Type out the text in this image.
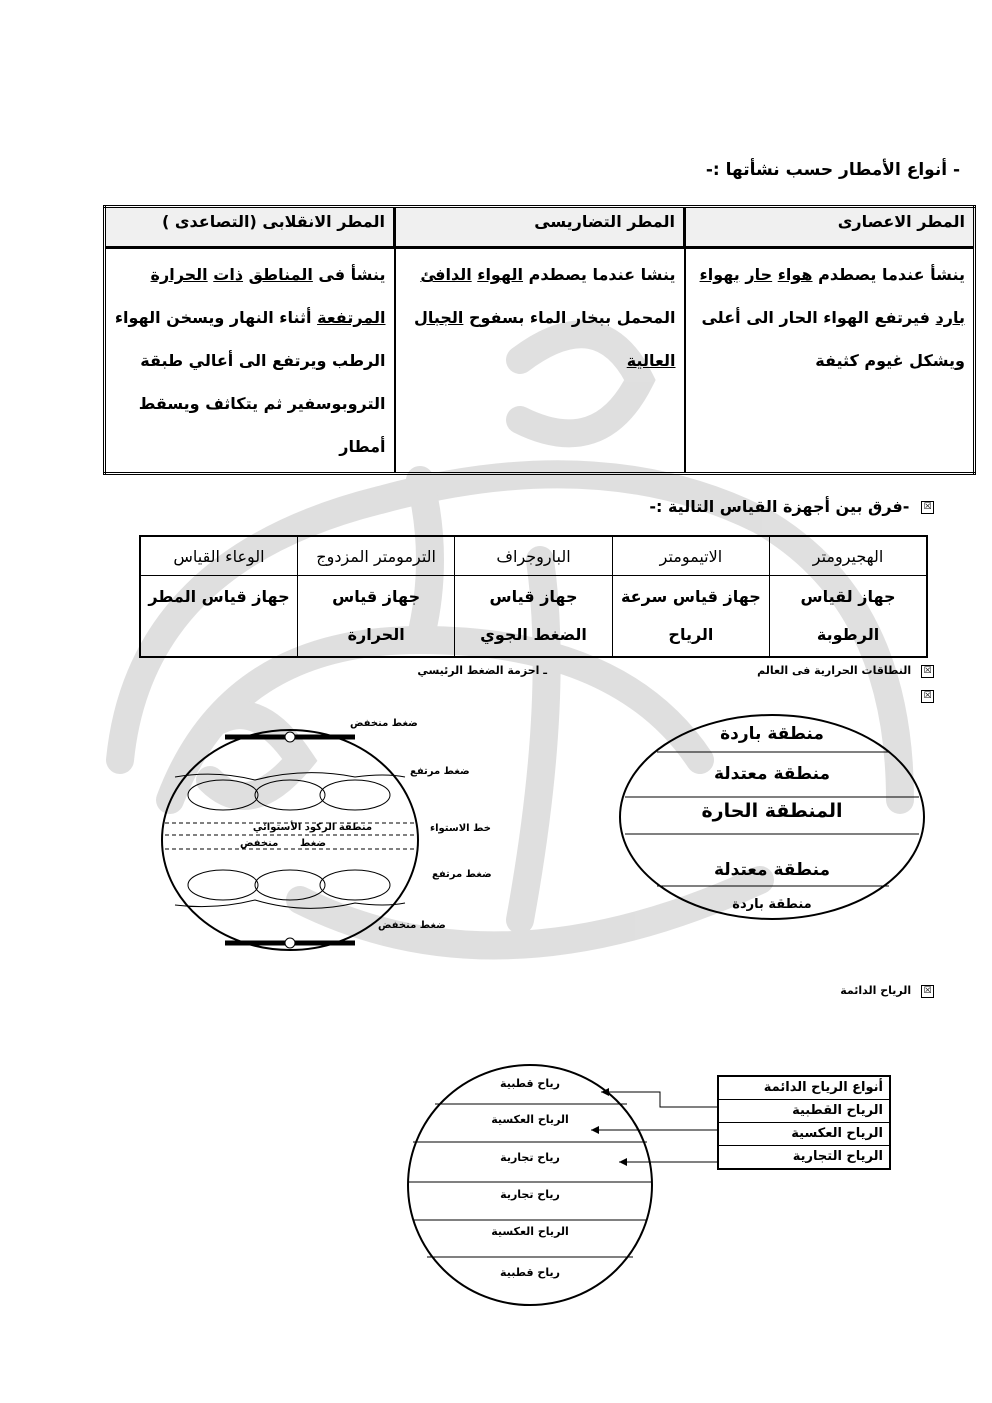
- أنواع الأمطار حسب نشأتها :-
المطر الاعصارى	المطر التضاريسى	المطر الانقلابى (التصاعدى )
ينشأ عندما يصطدم هواء حار بهواء بارد فيرتفع الهواء الحار الى أعلى ويشكل غيوم كثيفة	ينشا عندما يصطدم الهواء الدافئ المحمل ببخار الماء بسفوح الجبال العالية	ينشأ فى المناطق ذات الحرارة المرتفعة أثناء النهار ويسخن الهواء الرطب ويرتفع الى أعالي طبقة التروبوسفير ثم يتكاثف ويسقط أمطار
☒ -فرق بين أجهزة القياس التالية :-
الهجيرومتر	الاتيمومتر	الباروجراف	الترمومتر المزدوج	الوعاء القياس
جهاز لقياس الرطوبة	جهاز قياس سرعة الرياح	جهاز قياس الضغط الجوي	جهاز قياس الحرارة	جهاز قياس المطر
☒ النطاقات الحرارية فى العالم
ـ احزمة الضغط الرئيسي
☒
منطقة الركود الأستوائي
منخفض ضغط
ضغط منخفض
ضغط مرتفع
خط الاستواء
ضغط مرتفع
ضغط منخفض
منطقة باردة
منطقة معتدلة
المنطقة الحارة
منطقة معتدلة
منطقة باردة
☒ الرياح الدائمة
رياح قطبية
الرياح العكسية
رياح تجارية
رياح تجارية
الرياح العكسية
رياح قطبية
أنواع الرياح الدائمة
الرياح القطبية
الرياح العكسية
الرياح التجارية
